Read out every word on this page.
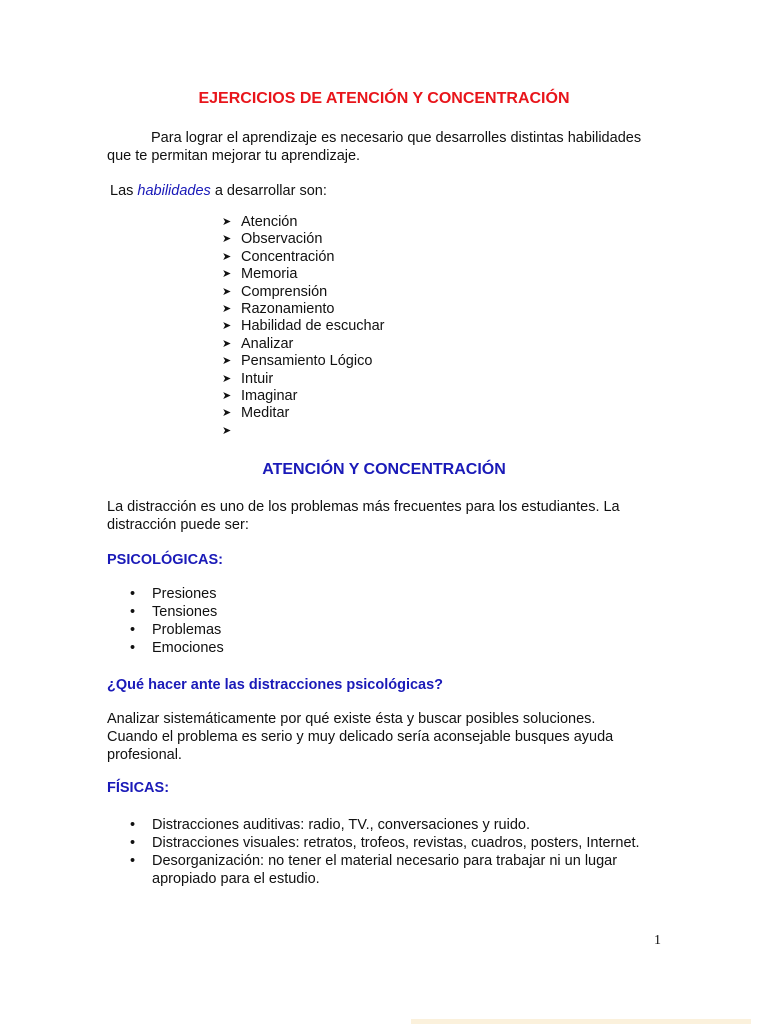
EJERCICIOS DE ATENCIÓN Y CONCENTRACIÓN
Para lograr el aprendizaje es necesario que desarrolles distintas habilidades
que te permitan mejorar tu aprendizaje.
Las habilidades a desarrollar son:
➤ Atención
➤ Observación
➤ Concentración
➤ Memoria
➤ Comprensión
➤ Razonamiento
➤ Habilidad de escuchar
➤ Analizar
➤ Pensamiento Lógico
➤ Intuir
➤ Imaginar
➤ Meditar
➤
ATENCIÓN Y CONCENTRACIÓN
La distracción es uno de los problemas más frecuentes para los estudiantes. La
distracción puede ser:
PSICOLÓGICAS:
• Presiones
• Tensiones
• Problemas
• Emociones
¿Qué hacer ante las distracciones psicológicas?
Analizar sistemáticamente por qué existe ésta y buscar posibles soluciones.
Cuando el problema es serio y muy delicado sería aconsejable busques ayuda
profesional.
FÍSICAS:
• Distracciones auditivas: radio, TV., conversaciones y ruido.
• Distracciones visuales: retratos, trofeos, revistas, cuadros, posters, Internet.
• Desorganización: no tener el material necesario para trabajar ni un lugar
apropiado para el estudio.
1
